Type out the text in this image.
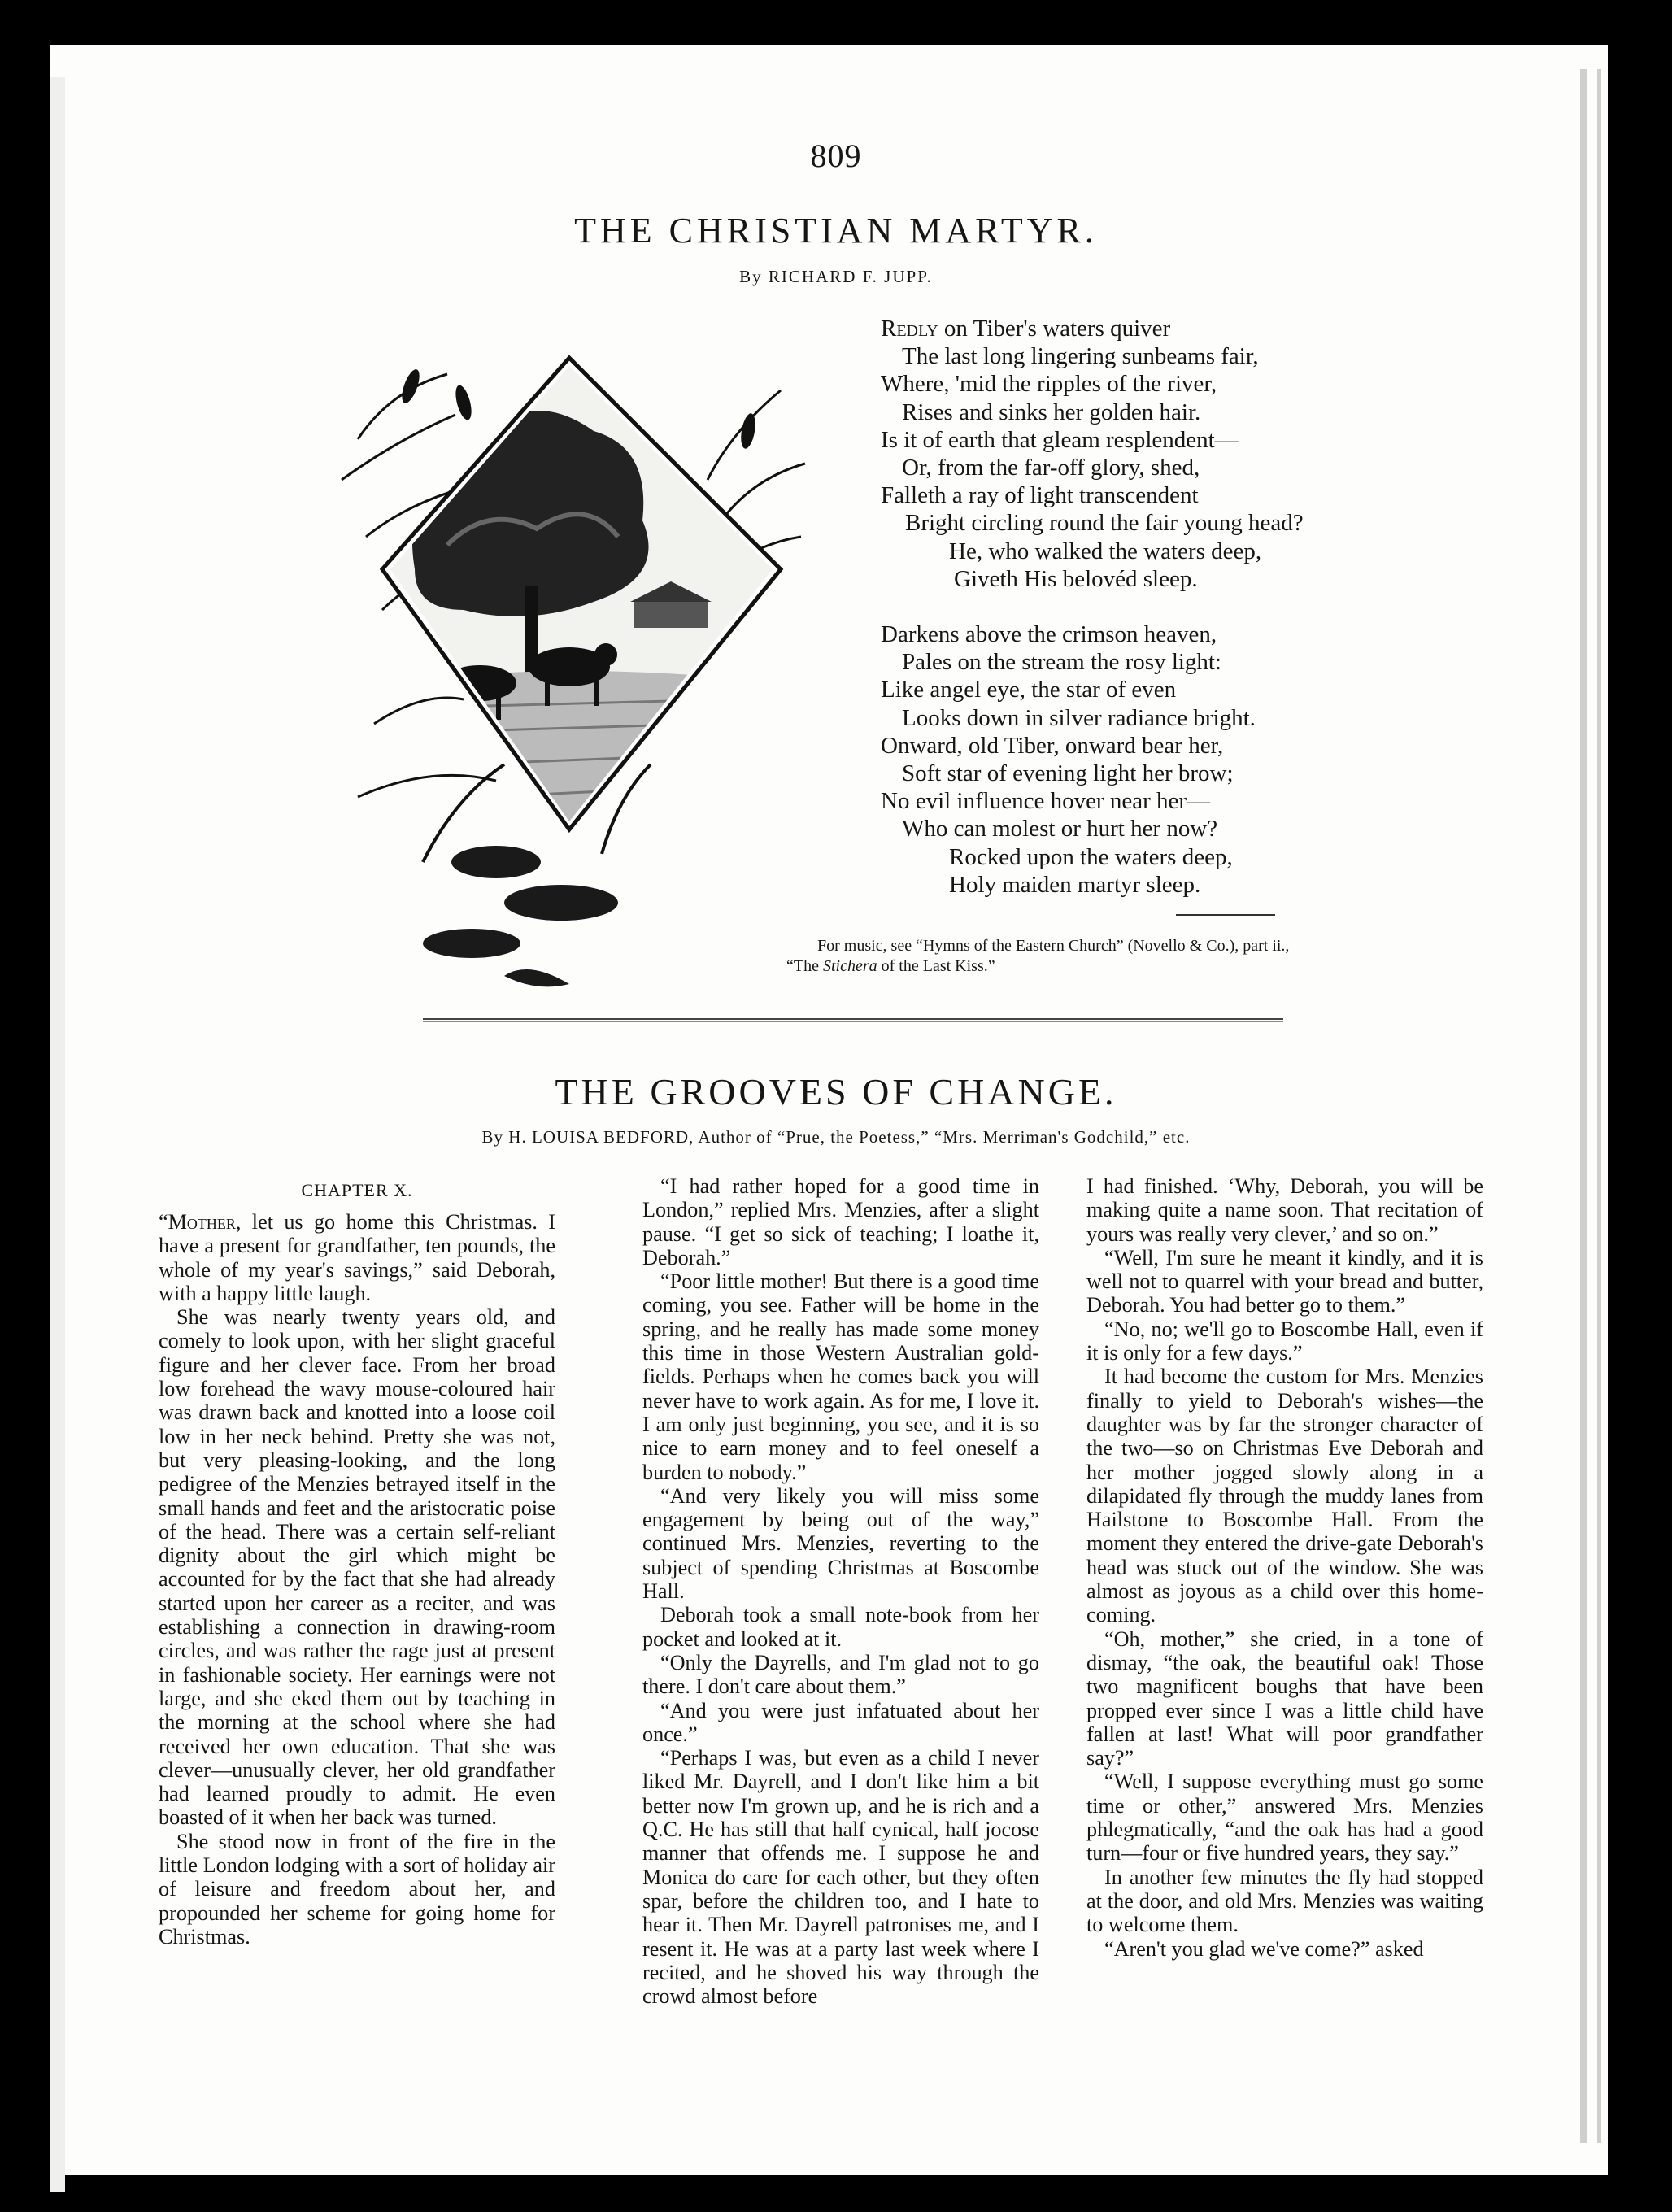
809
THE CHRISTIAN MARTYR.
By RICHARD F. JUPP.
Redly on Tiber's waters quiver
The last long lingering sunbeams fair,
Where, 'mid the ripples of the river,
Rises and sinks her golden hair.
Is it of earth that gleam resplendent—
Or, from the far-off glory, shed,
Falleth a ray of light transcendent
Bright circling round the fair young head?
He, who walked the waters deep,
Giveth His belovéd sleep.
Darkens above the crimson heaven,
Pales on the stream the rosy light:
Like angel eye, the star of even
Looks down in silver radiance bright.
Onward, old Tiber, onward bear her,
Soft star of evening light her brow;
No evil influence hover near her—
Who can molest or hurt her now?
Rocked upon the waters deep,
Holy maiden martyr sleep.
For music, see “Hymns of the Eastern Church” (Novello & Co.), part ii.,
“The Stichera of the Last Kiss.”
THE GROOVES OF CHANGE.
By H. LOUISA BEDFORD, Author of “Prue, the Poetess,” “Mrs. Merriman's Godchild,” etc.
CHAPTER X.

“Mother, let us go home this Christmas. I have a present for grandfather, ten pounds, the whole of my year's savings,” said Deborah, with a happy little laugh.

She was nearly twenty years old, and comely to look upon, with her slight graceful figure and her clever face. From her broad low forehead the wavy mouse-coloured hair was drawn back and knotted into a loose coil low in her neck behind. Pretty she was not, but very pleasing-looking, and the long pedigree of the Menzies betrayed itself in the small hands and feet and the aristocratic poise of the head. There was a certain self-reliant dignity about the girl which might be accounted for by the fact that she had already started upon her career as a reciter, and was establishing a connection in drawing-room circles, and was rather the rage just at present in fashionable society. Her earnings were not large, and she eked them out by teaching in the morning at the school where she had received her own education. That she was clever—unusually clever, her old grandfather had learned proudly to admit. He even boasted of it when her back was turned.

She stood now in front of the fire in the little London lodging with a sort of holiday air of leisure and freedom about her, and propounded her scheme for going home for Christmas.

“I had rather hoped for a good time in London,” replied Mrs. Menzies, after a slight pause. “I get so sick of teaching; I loathe it, Deborah.”

“Poor little mother! But there is a good time coming, you see. Father will be home in the spring, and he really has made some money this time in those Western Australian gold-fields. Perhaps when he comes back you will never have to work again. As for me, I love it. I am only just beginning, you see, and it is so nice to earn money and to feel oneself a burden to nobody.”

“And very likely you will miss some engagement by being out of the way,” continued Mrs. Menzies, reverting to the subject of spending Christmas at Boscombe Hall.

Deborah took a small note-book from her pocket and looked at it.

“Only the Dayrells, and I'm glad not to go there. I don't care about them.”

“And you were just infatuated about her once.”

“Perhaps I was, but even as a child I never liked Mr. Dayrell, and I don't like him a bit better now I'm grown up, and he is rich and a Q.C. He has still that half cynical, half jocose manner that offends me. I suppose he and Monica do care for each other, but they often spar, before the children too, and I hate to hear it. Then Mr. Dayrell patronises me, and I resent it. He was at a party last week where I recited, and he shoved his way through the crowd almost before

I had finished. ‘Why, Deborah, you will be making quite a name soon. That recitation of yours was really very clever,’ and so on.”

“Well, I'm sure he meant it kindly, and it is well not to quarrel with your bread and butter, Deborah. You had better go to them.”

“No, no; we'll go to Boscombe Hall, even if it is only for a few days.”

It had become the custom for Mrs. Menzies finally to yield to Deborah's wishes—the daughter was by far the stronger character of the two—so on Christmas Eve Deborah and her mother jogged slowly along in a dilapidated fly through the muddy lanes from Hailstone to Boscombe Hall. From the moment they entered the drive-gate Deborah's head was stuck out of the window. She was almost as joyous as a child over this home-coming.

“Oh, mother,” she cried, in a tone of dismay, “the oak, the beautiful oak! Those two magnificent boughs that have been propped ever since I was a little child have fallen at last! What will poor grandfather say?”

“Well, I suppose everything must go some time or other,” answered Mrs. Menzies phlegmatically, “and the oak has had a good turn—four or five hundred years, they say.”

In another few minutes the fly had stopped at the door, and old Mrs. Menzies was waiting to welcome them.

“Aren't you glad we've come?” asked
